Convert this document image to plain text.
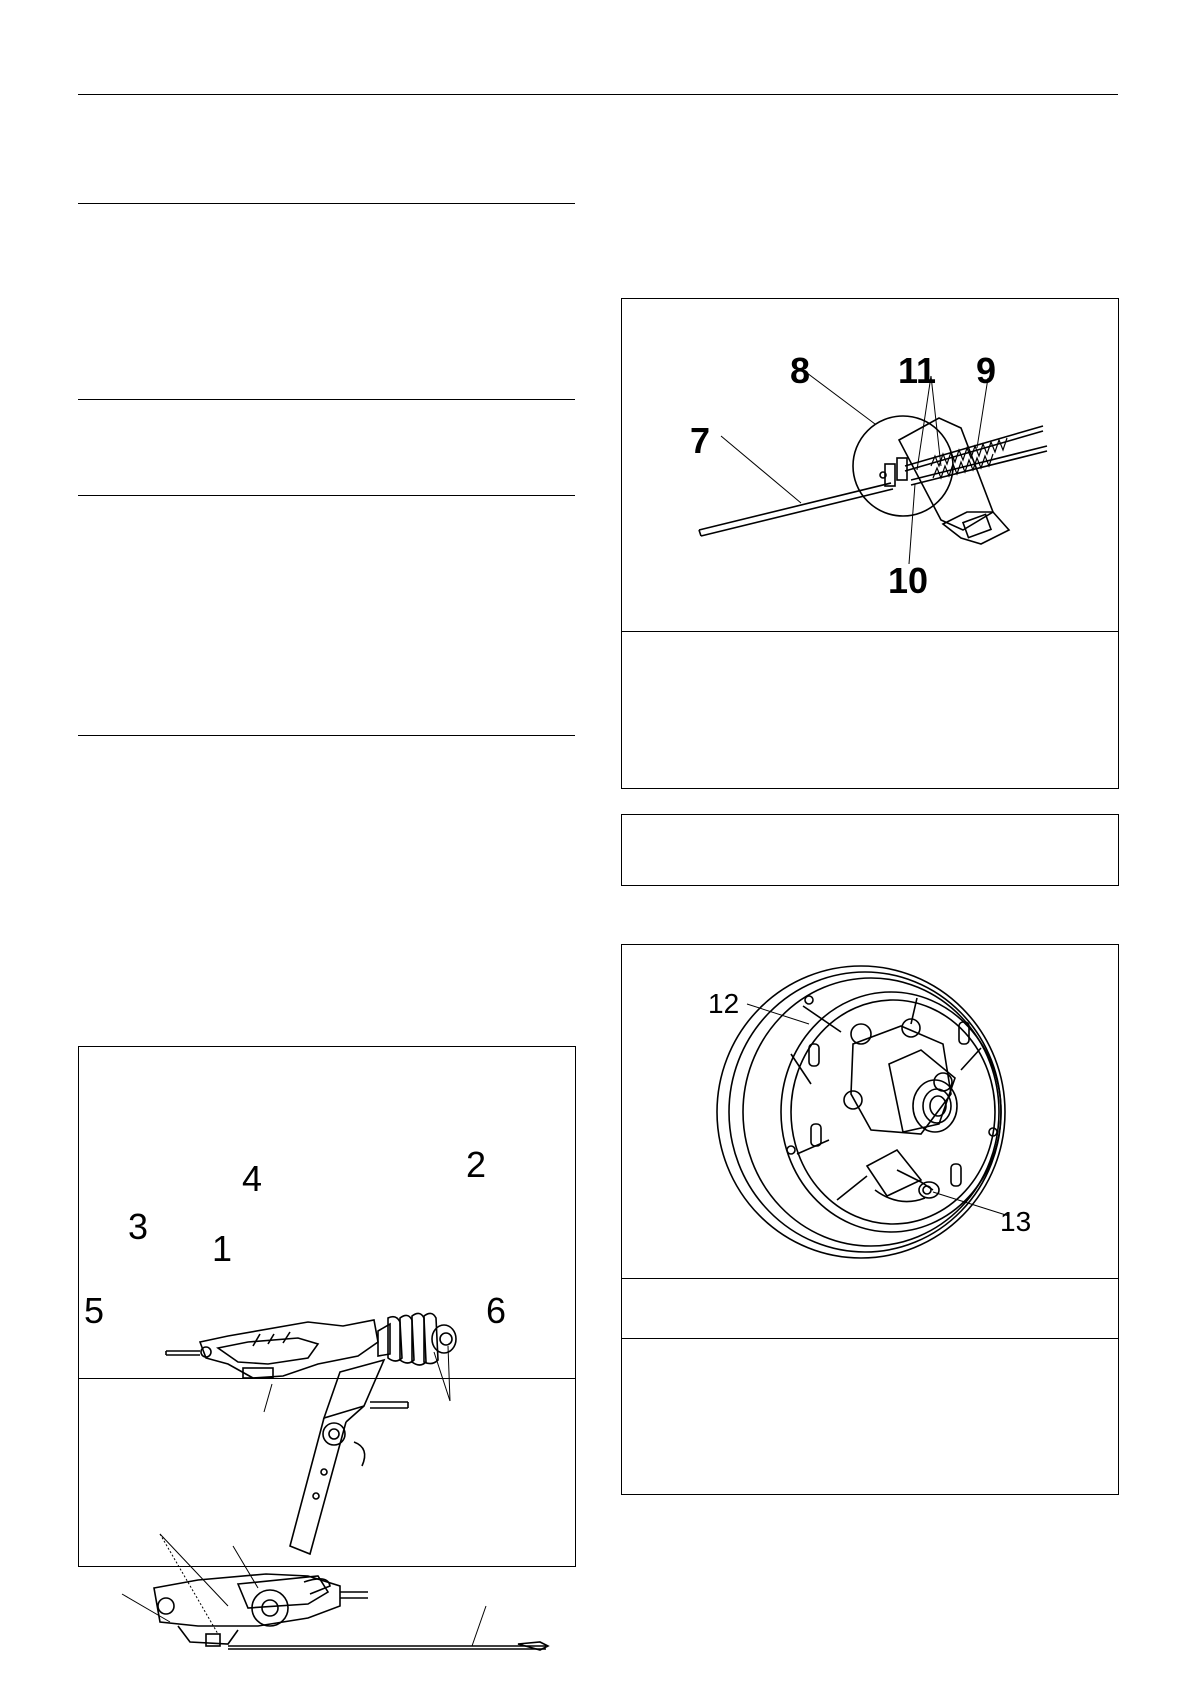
1
2
3
4
5	6
7
8	9
10
11
12
13
